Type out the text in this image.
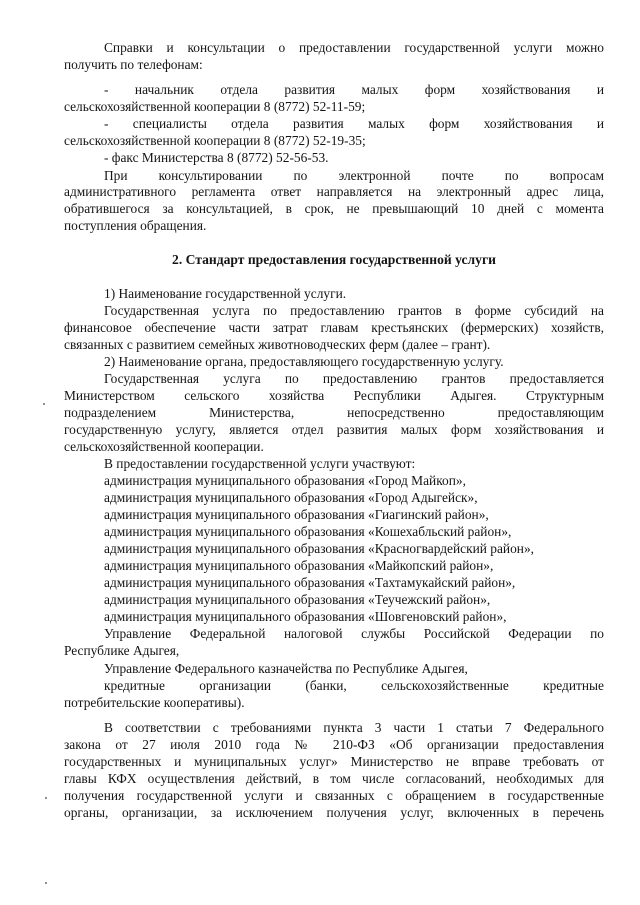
Справки и консультации о предоставлении государственной услуги можно
получить по телефонам:
- начальник отдела развития малых форм хозяйствования и
сельскохозяйственной кооперации 8 (8772) 52-11-59;
- специалисты отдела развития малых форм хозяйствования и
сельскохозяйственной кооперации 8 (8772) 52-19-35;
- факс Министерства 8 (8772) 52-56-53.
При консультировании по электронной почте по вопросам
административного регламента ответ направляется на электронный адрес лица,
обратившегося за консультацией, в срок, не превышающий 10 дней с момента
поступления обращения.
2. Стандарт предоставления государственной услуги
1) Наименование государственной услуги.
Государственная услуга по предоставлению грантов в форме субсидий на
финансовое обеспечение части затрат главам крестьянских (фермерских) хозяйств,
связанных с развитием семейных животноводческих ферм (далее – грант).
2) Наименование органа, предоставляющего государственную услугу.
Государственная услуга по предоставлению грантов предоставляется
Министерством сельского хозяйства Республики Адыгея. Структурным
подразделением Министерства, непосредственно предоставляющим
государственную услугу, является отдел развития малых форм хозяйствования и
сельскохозяйственной кооперации.
В предоставлении государственной услуги участвуют:
администрация муниципального образования «Город Майкоп»,
администрация муниципального образования «Город Адыгейск»,
администрация муниципального образования «Гиагинский район»,
администрация муниципального образования «Кошехабльский район»,
администрация муниципального образования «Красногвардейский район»,
администрация муниципального образования «Майкопский район»,
администрация муниципального образования «Тахтамукайский район»,
администрация муниципального образования «Теучежский район»,
администрация муниципального образования «Шовгеновский район»,
Управление Федеральной налоговой службы Российской Федерации по
Республике Адыгея,
Управление Федерального казначейства по Республике Адыгея,
кредитные организации (банки, сельскохозяйственные кредитные
потребительские кооперативы).
В соответствии с требованиями пункта 3 части 1 статьи 7 Федерального
закона от 27 июля 2010 года № 210-ФЗ «Об организации предоставления
государственных и муниципальных услуг» Министерство не вправе требовать от
главы КФХ осуществления действий, в том числе согласований, необходимых для
получения государственной услуги и связанных с обращением в государственные
органы, организации, за исключением получения услуг, включенных в перечень
